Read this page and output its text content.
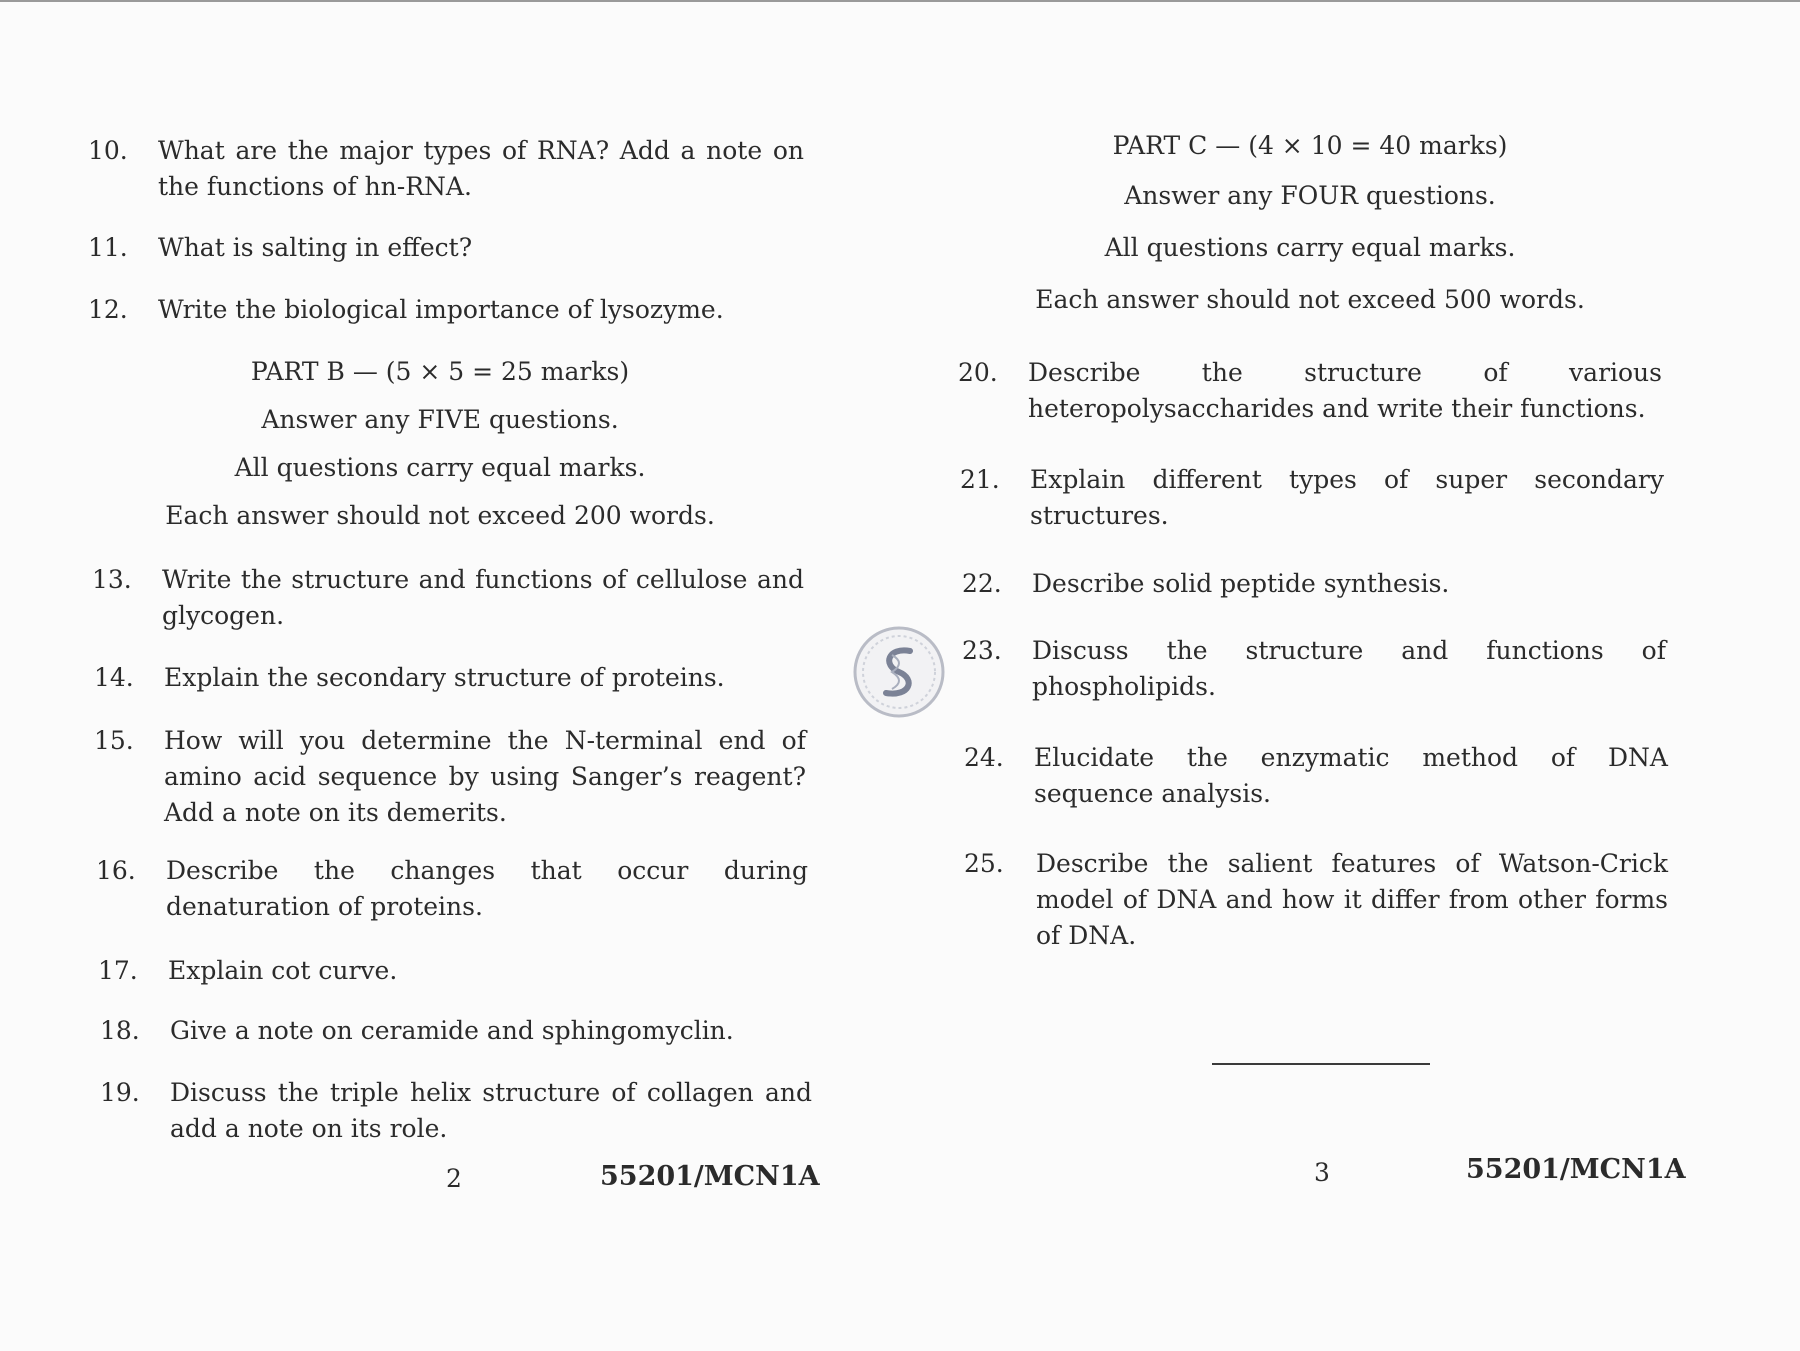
10.	What are the major types of RNA? Add a note on the functions of hn-RNA.
11.	What is salting in effect?
12.	Write the biological importance of lysozyme.
PART B — (5 × 5 = 25 marks)
Answer any FIVE questions.
All questions carry equal marks.
Each answer should not exceed 200 words.
13.	Write the structure and functions of cellulose and glycogen.
14.	Explain the secondary structure of proteins.
15.	How will you determine the N-terminal end of amino acid sequence by using Sanger’s reagent? Add a note on its demerits.
16.	Describe the changes that occur during denaturation of proteins.
17.	Explain cot curve.
18.	Give a note on ceramide and sphingomyclin.
19.	Discuss the triple helix structure of collagen and add a note on its role.
2	55201/MCN1A
PART C — (4 × 10 = 40 marks)
Answer any FOUR questions.
All questions carry equal marks.
Each answer should not exceed 500 words.
20.	Describe the structure of various heteropolysaccharides and write their functions.
21.	Explain different types of super secondary structures.
22.	Describe solid peptide synthesis.
23.	Discuss the structure and functions of phospholipids.
24.	Elucidate the enzymatic method of DNA sequence analysis.
25.	Describe the salient features of Watson-Crick model of DNA and how it differ from other forms of DNA.
3	55201/MCN1A
